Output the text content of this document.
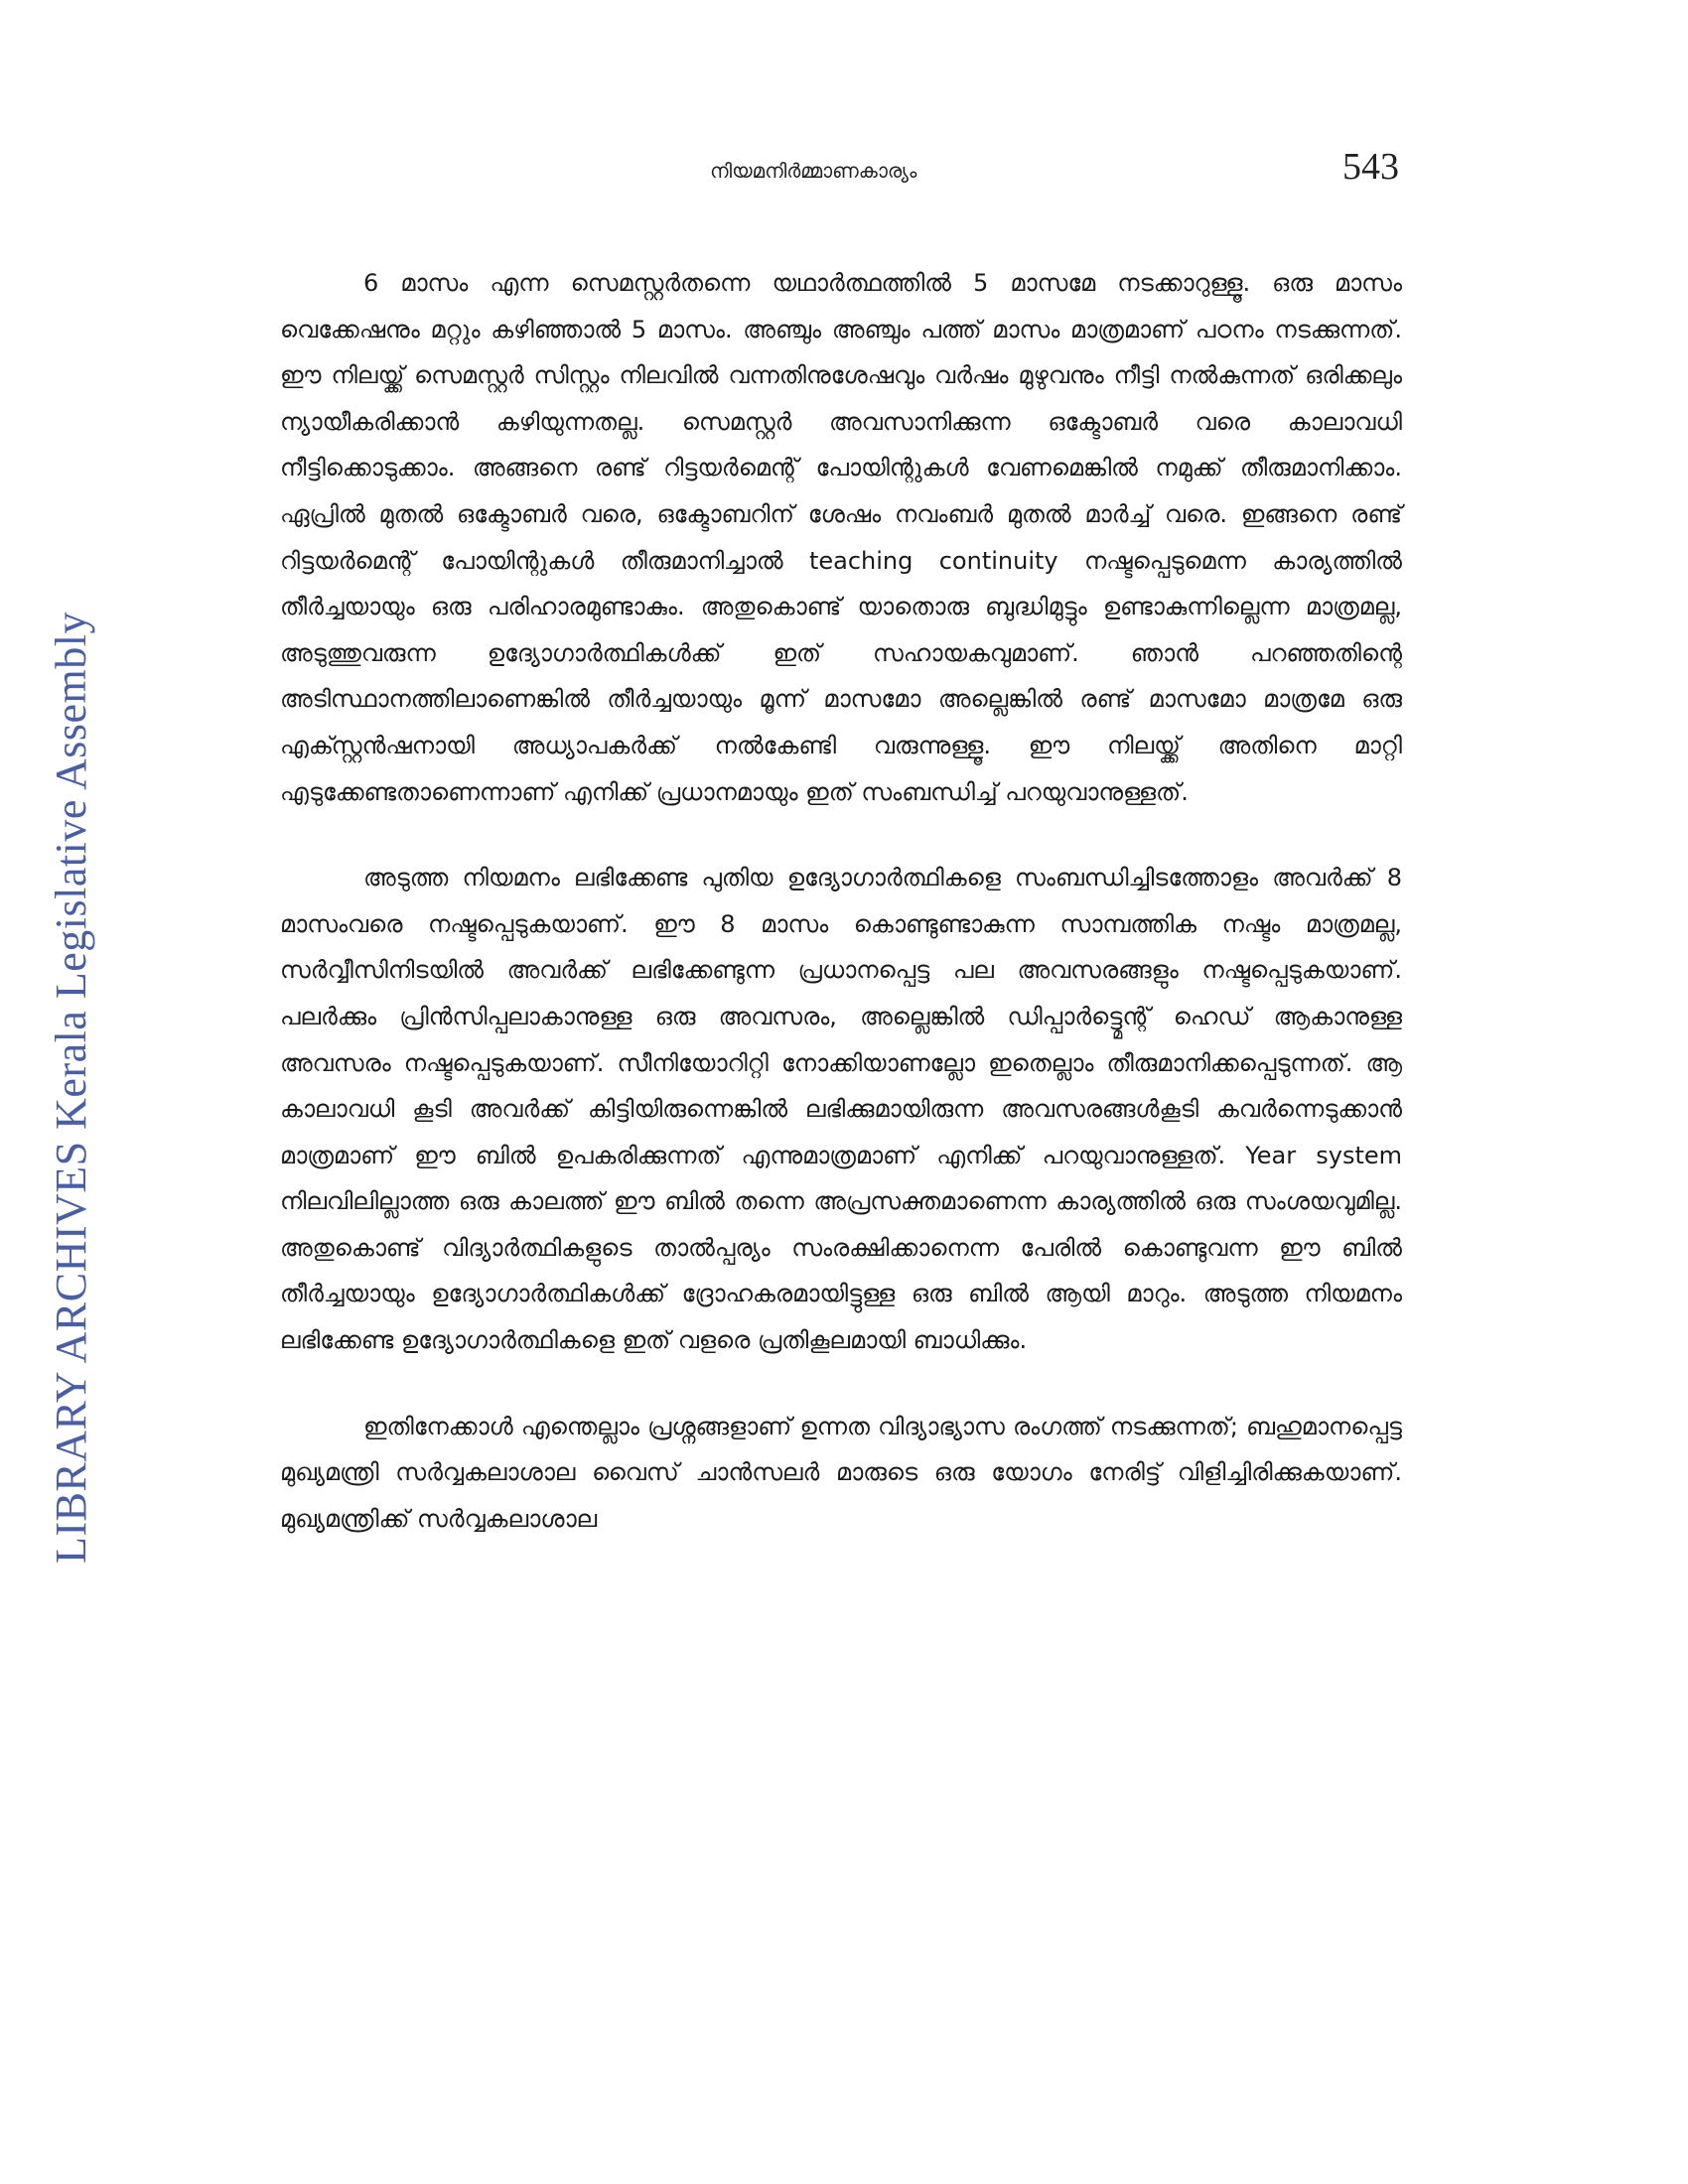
LIBRARY ARCHIVES Kerala Legislative Assembly
നിയമനിർമ്മാണകാര്യം	543

6 മാസം എന്ന സെമസ്റ്റർതന്നെ യഥാർത്ഥത്തിൽ 5 മാസമേ നടക്കാറുള്ളൂ. ഒരു മാസം വെക്കേഷനും മറ്റും കഴിഞ്ഞാൽ 5 മാസം. അഞ്ചും അഞ്ചും പത്ത് മാസം മാത്രമാണ് പഠനം നടക്കുന്നത്. ഈ നിലയ്ക്ക് സെമസ്റ്റർ സിസ്റ്റം നിലവിൽ വന്നതിനുശേഷവും വർഷം മുഴുവനും നീട്ടി നൽകുന്നത് ഒരിക്കലും ന്യായീകരിക്കാൻ കഴിയുന്നതല്ല. സെമസ്റ്റർ അവസാനിക്കുന്ന ഒക്ടോബർ വരെ കാലാവധി നീട്ടിക്കൊടുക്കാം. അങ്ങനെ രണ്ട് റിട്ടയർമെന്റ് പോയിന്റുകൾ വേണമെങ്കിൽ നമുക്ക് തീരുമാനിക്കാം. ഏപ്രിൽ മുതൽ ഒക്ടോബർ വരെ, ഒക്ടോബറിന് ശേഷം നവംബർ മുതൽ മാർച്ച് വരെ. ഇങ്ങനെ രണ്ട് റിട്ടയർമെന്റ് പോയിന്റുകൾ തീരുമാനിച്ചാൽ teaching continuity നഷ്ടപ്പെടുമെന്ന കാര്യത്തിൽ തീർച്ചയായും ഒരു പരിഹാരമുണ്ടാകും. അതുകൊണ്ട് യാതൊരു ബുദ്ധിമുട്ടും ഉണ്ടാകുന്നില്ലെന്ന മാത്രമല്ല, അടുത്തുവരുന്ന ഉദ്യോഗാർത്ഥികൾക്ക് ഇത് സഹായകവുമാണ്. ഞാൻ പറഞ്ഞതിന്റെ അടിസ്ഥാനത്തിലാണെങ്കിൽ തീർച്ചയായും മൂന്ന് മാസമോ അല്ലെങ്കിൽ രണ്ട് മാസമോ മാത്രമേ ഒരു എക്സ്റ്റൻഷനായി അധ്യാപകർക്ക് നൽകേണ്ടി വരുന്നുള്ളൂ. ഈ നിലയ്ക്ക് അതിനെ മാറ്റി എടുക്കേണ്ടതാണെന്നാണ് എനിക്ക് പ്രധാനമായും ഇത് സംബന്ധിച്ച് പറയുവാനുള്ളത്.

അടുത്ത നിയമനം ലഭിക്കേണ്ട പുതിയ ഉദ്യോഗാർത്ഥികളെ സംബന്ധിച്ചിടത്തോളം അവർക്ക് 8 മാസംവരെ നഷ്ടപ്പെടുകയാണ്. ഈ 8 മാസം കൊണ്ടുണ്ടാകുന്ന സാമ്പത്തിക നഷ്ടം മാത്രമല്ല, സർവ്വീസിനിടയിൽ അവർക്ക് ലഭിക്കേണ്ടുന്ന പ്രധാനപ്പെട്ട പല അവസരങ്ങളും നഷ്ടപ്പെടുകയാണ്. പലർക്കും പ്രിൻസിപ്പലാകാനുള്ള ഒരു അവസരം, അല്ലെങ്കിൽ ഡിപ്പാർട്ട്മെന്റ് ഹെഡ് ആകാനുള്ള അവസരം നഷ്ടപ്പെടുകയാണ്. സീനിയോറിറ്റി നോക്കിയാണല്ലോ ഇതെല്ലാം തീരുമാനിക്കപ്പെടുന്നത്. ആ കാലാവധി കൂടി അവർക്ക് കിട്ടിയിരുന്നെങ്കിൽ ലഭിക്കുമായിരുന്ന അവസരങ്ങൾകൂടി കവർന്നെടുക്കാൻ മാത്രമാണ് ഈ ബിൽ ഉപകരിക്കുന്നത് എന്നുമാത്രമാണ് എനിക്ക് പറയുവാനുള്ളത്. Year system നിലവിലില്ലാത്ത ഒരു കാലത്ത് ഈ ബിൽ തന്നെ അപ്രസക്തമാണെന്ന കാര്യത്തിൽ ഒരു സംശയവുമില്ല. അതുകൊണ്ട് വിദ്യാർത്ഥികളുടെ താൽപ്പര്യം സംരക്ഷിക്കാനെന്ന പേരിൽ കൊണ്ടുവന്ന ഈ ബിൽ തീർച്ചയായും ഉദ്യോഗാർത്ഥികൾക്ക് ദ്രോഹകരമായിട്ടുള്ള ഒരു ബിൽ ആയി മാറും. അടുത്ത നിയമനം ലഭിക്കേണ്ട ഉദ്യോഗാർത്ഥികളെ ഇത് വളരെ പ്രതികൂലമായി ബാധിക്കും.

ഇതിനേക്കാൾ എന്തെല്ലാം പ്രശ്നങ്ങളാണ് ഉന്നത വിദ്യാഭ്യാസ രംഗത്ത് നടക്കുന്നത്; ബഹുമാനപ്പെട്ട മുഖ്യമന്ത്രി സർവ്വകലാശാല വൈസ് ചാൻസലർ മാരുടെ ഒരു യോഗം നേരിട്ട് വിളിച്ചിരിക്കുകയാണ്. മുഖ്യമന്ത്രിക്ക് സർവ്വകലാശാല
